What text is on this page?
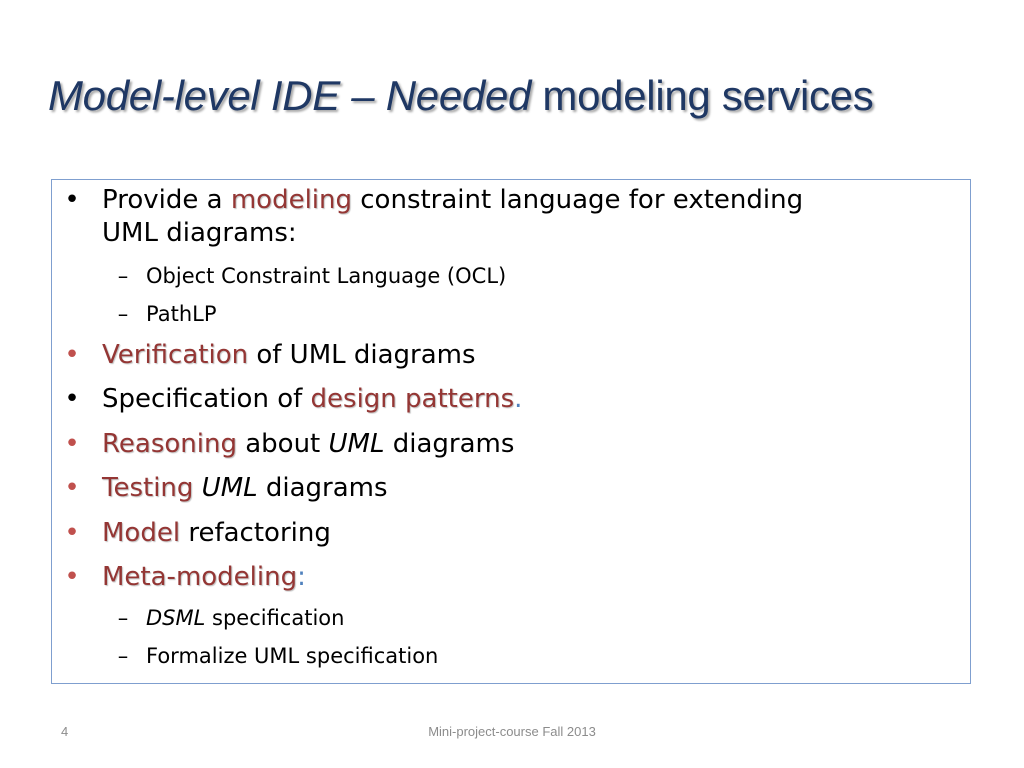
Model-level IDE – Needed modeling services
• Provide a modeling constraint language for extending
UML diagrams:
– Object Constraint Language (OCL)
– PathLP
• Verification of UML diagrams
• Specification of design patterns.
• Reasoning about UML diagrams
• Testing UML diagrams
• Model refactoring
• Meta-modeling:
– DSML specification
– Formalize UML specification
4	Mini-project-course Fall 2013
